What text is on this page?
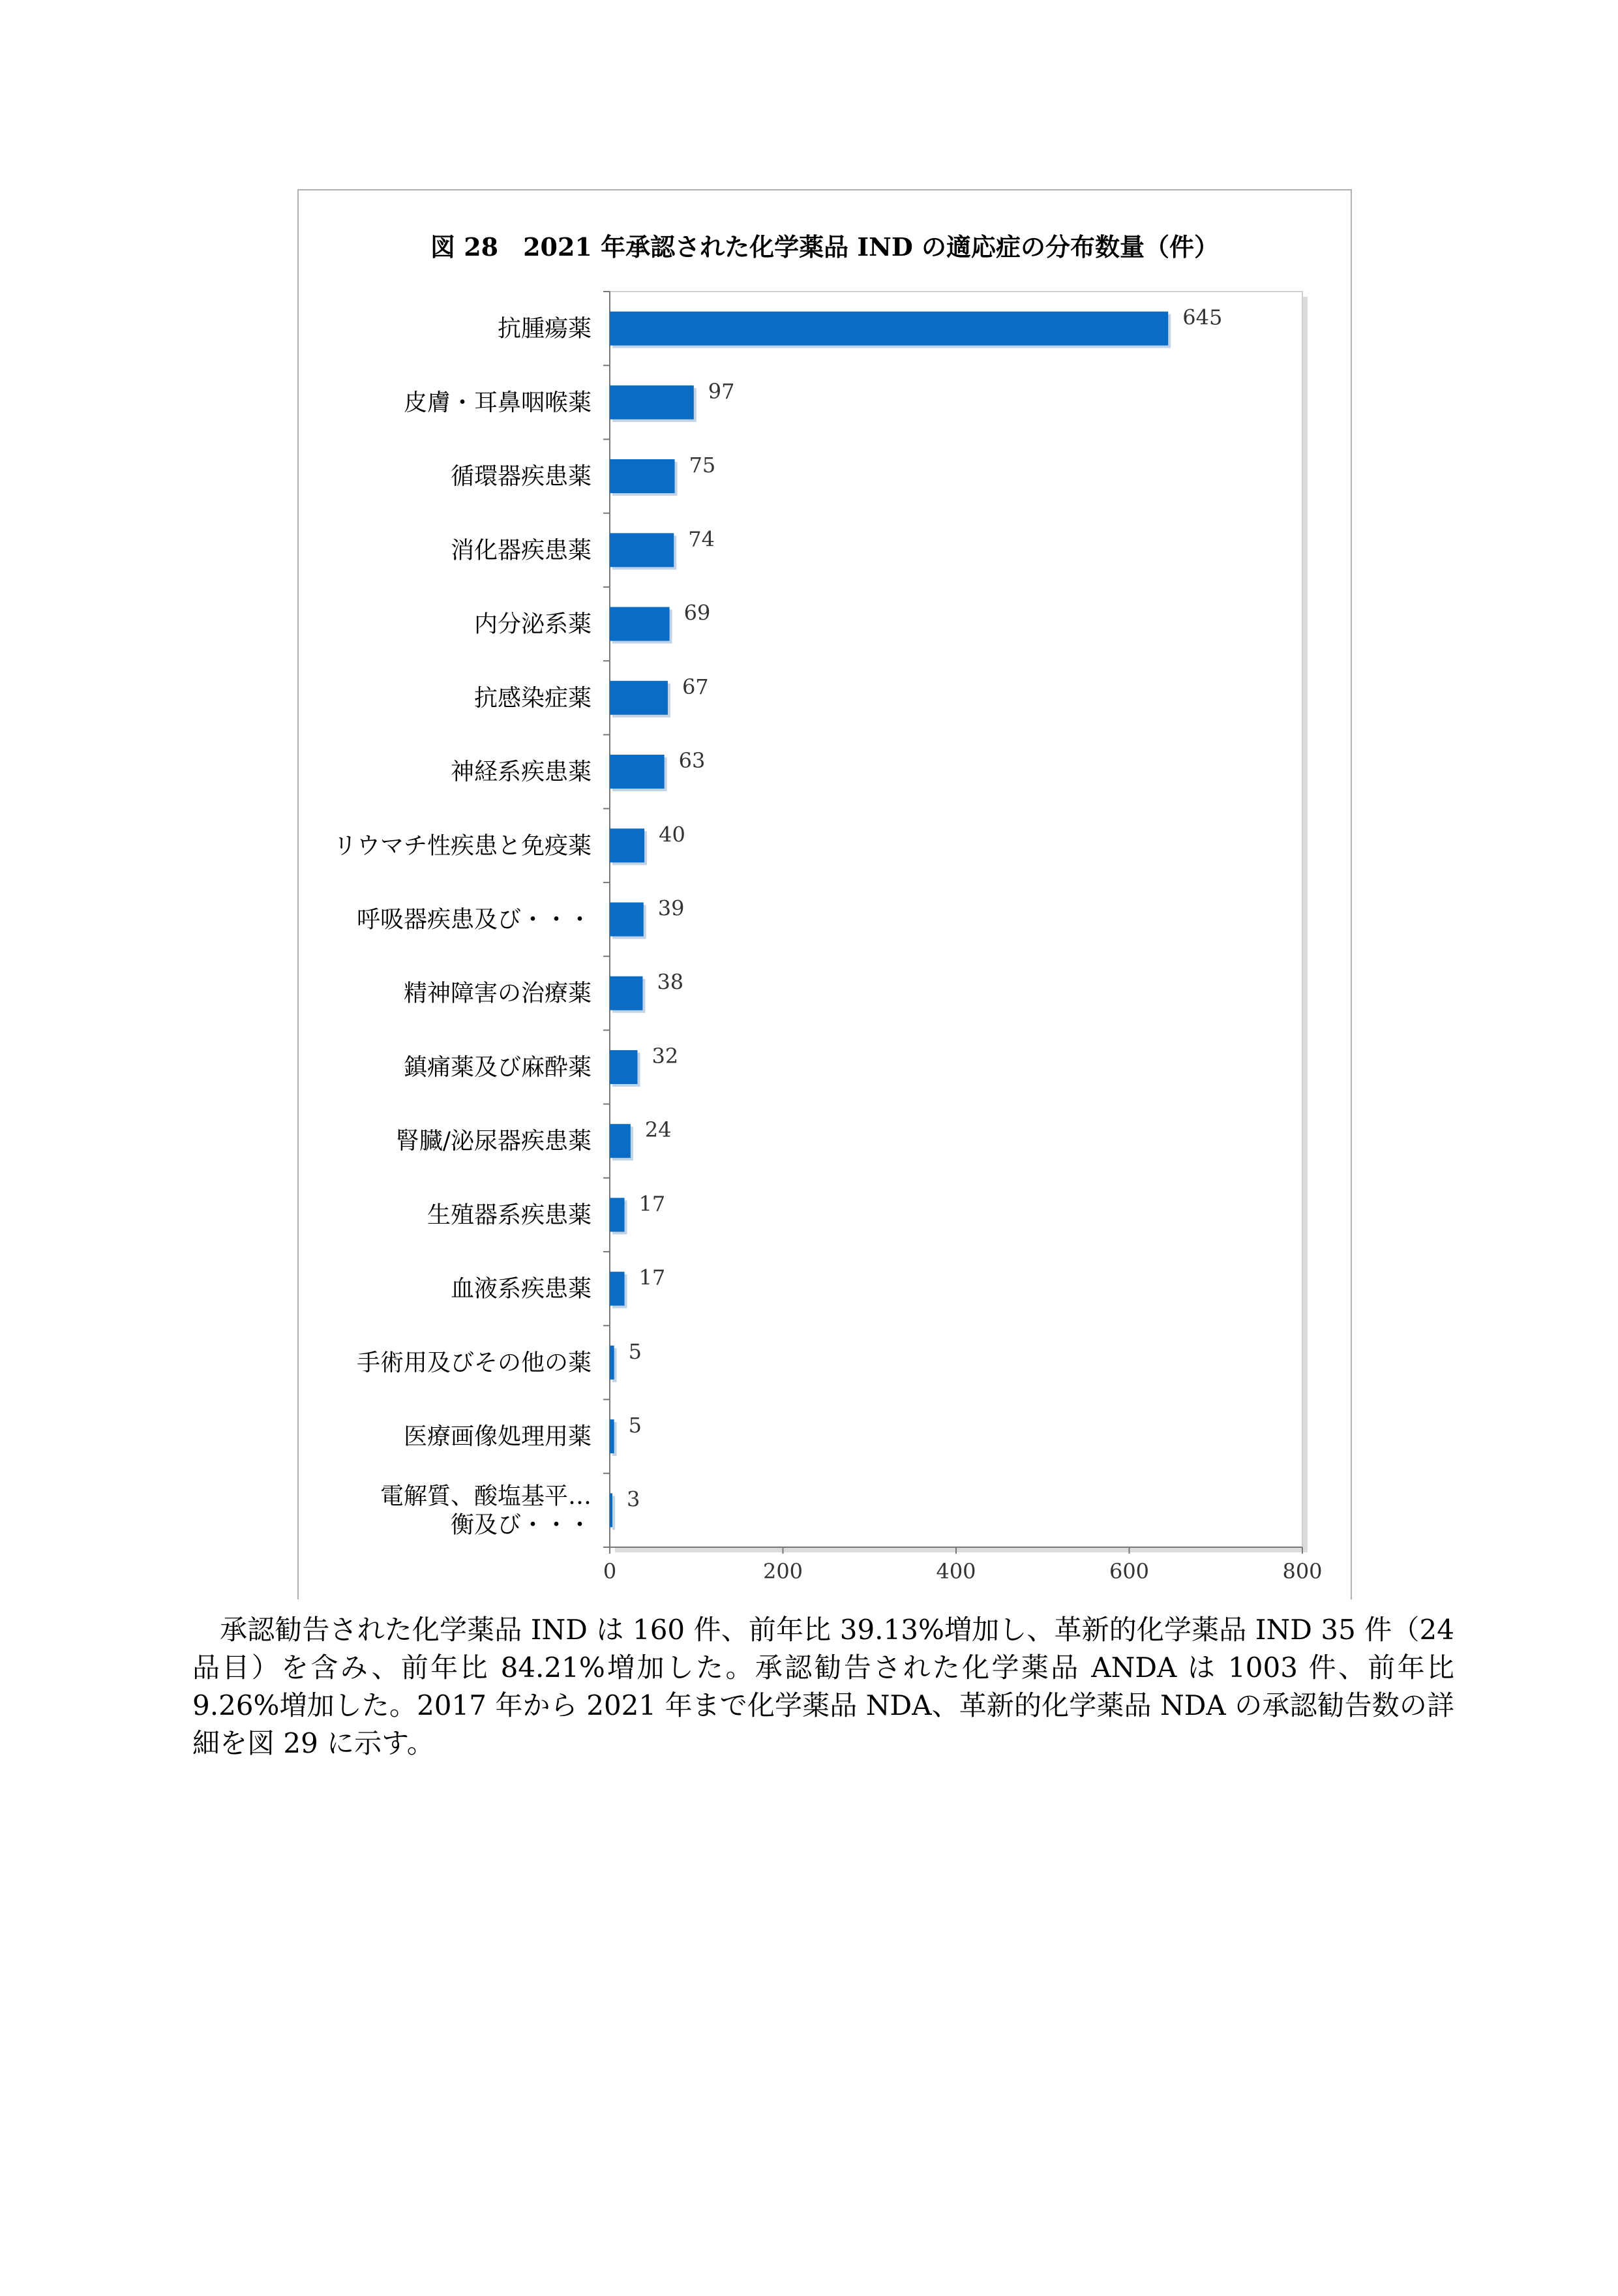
図 28　2021 年承認された化学薬品 IND の適応症の分布数量（件）
0	200	400	600	800
645
抗腫瘍薬
97
皮膚・耳鼻咽喉薬
75
循環器疾患薬
74
消化器疾患薬
69
内分泌系薬
67
抗感染症薬
63
神経系疾患薬
40
リウマチ性疾患と免疫薬
39
呼吸器疾患及び・・・
38
精神障害の治療薬
32
鎮痛薬及び麻酔薬
24
腎臓/泌尿器疾患薬
17
生殖器系疾患薬
17
血液系疾患薬
5
手術用及びその他の薬
5
医療画像処理用薬
3
電解質、酸塩基平…衡及び・・・

承認勧告された化学薬品 IND は 160 件、前年比 39.13%増加し、革新的化学薬品 IND 35 件（24 品目）を含み、前年比 84.21%増加した。承認勧告された化学薬品 ANDA は 1003 件、前年比 9.26%増加した。2017 年から 2021 年まで化学薬品 NDA、革新的化学薬品 NDA の承認勧告数の詳細を図 29 に示す。
